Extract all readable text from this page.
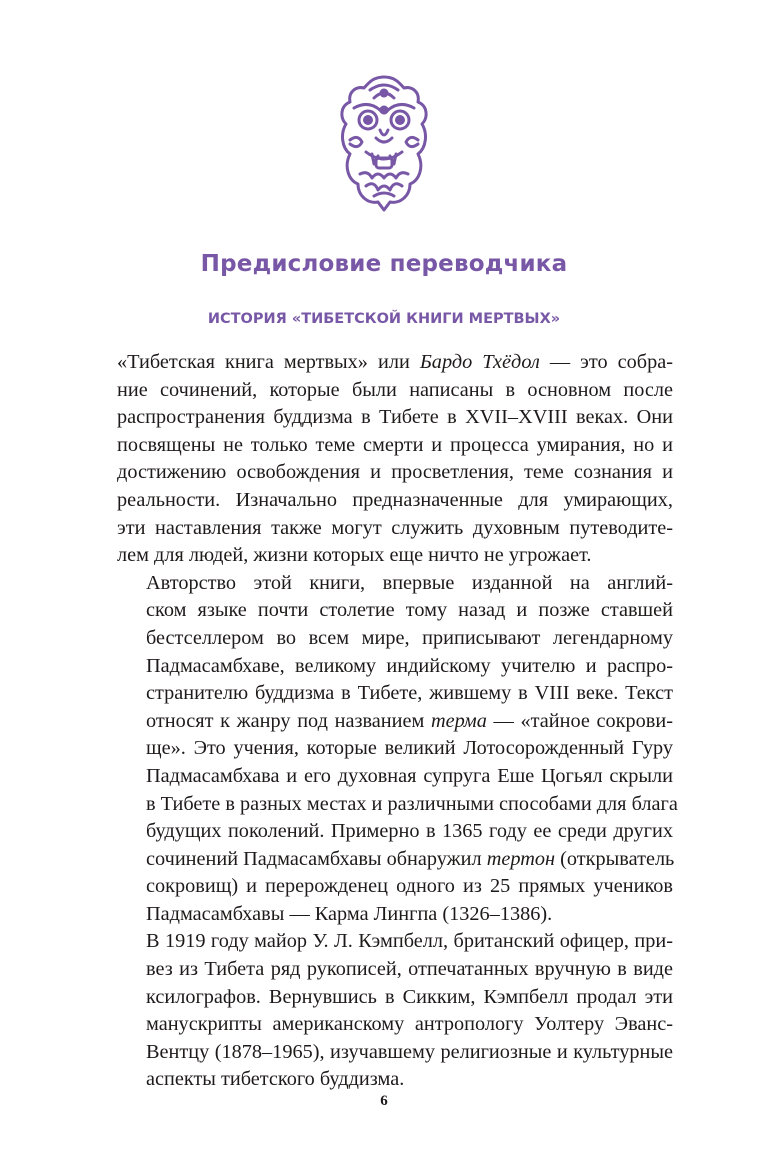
Предисловие переводчика
ИСТОРИЯ «ТИБЕТСКОЙ КНИГИ МЕРТВЫХ»

«Тибетская книга мертвых» или Бардо Тхёдол — это собра-
ние сочинений, которые были написаны в основном после
распространения буддизма в Тибете в XVII–XVIII веках. Они
посвящены не только теме смерти и процесса умирания, но и
достижению освобождения и просветления, теме сознания и
реальности. Изначально предназначенные для умирающих,
эти наставления также могут служить духовным путеводите-
лем для людей, жизни которых еще ничто не угрожает.

Авторство этой книги, впервые изданной на англий-
ском языке почти столетие тому назад и позже ставшей
бестселлером во всем мире, приписывают легендарному
Падмасамбхаве, великому индийскому учителю и распро-
странителю буддизма в Тибете, жившему в VIII веке. Текст
относят к жанру под названием терма — «тайное сокрови-
ще». Это учения, которые великий Лотосорожденный Гуру
Падмасамбхава и его духовная супруга Еше Цогьял скрыли
в Тибете в разных местах и различными способами для блага
будущих поколений. Примерно в 1365 году ее среди других
сочинений Падмасамбхавы обнаружил тертон (открыватель
сокровищ) и перерожденец одного из 25 прямых учеников
Падмасамбхавы — Карма Лингпа (1326–1386).

В 1919 году майор У. Л. Кэмпбелл, британский офицер, при-
вез из Тибета ряд рукописей, отпечатанных вручную в виде
ксилографов. Вернувшись в Сикким, Кэмпбелл продал эти
манускрипты американскому антропологу Уолтеру Эванс-
Вентцу (1878–1965), изучавшему религиозные и культурные
аспекты тибетского буддизма.

6
